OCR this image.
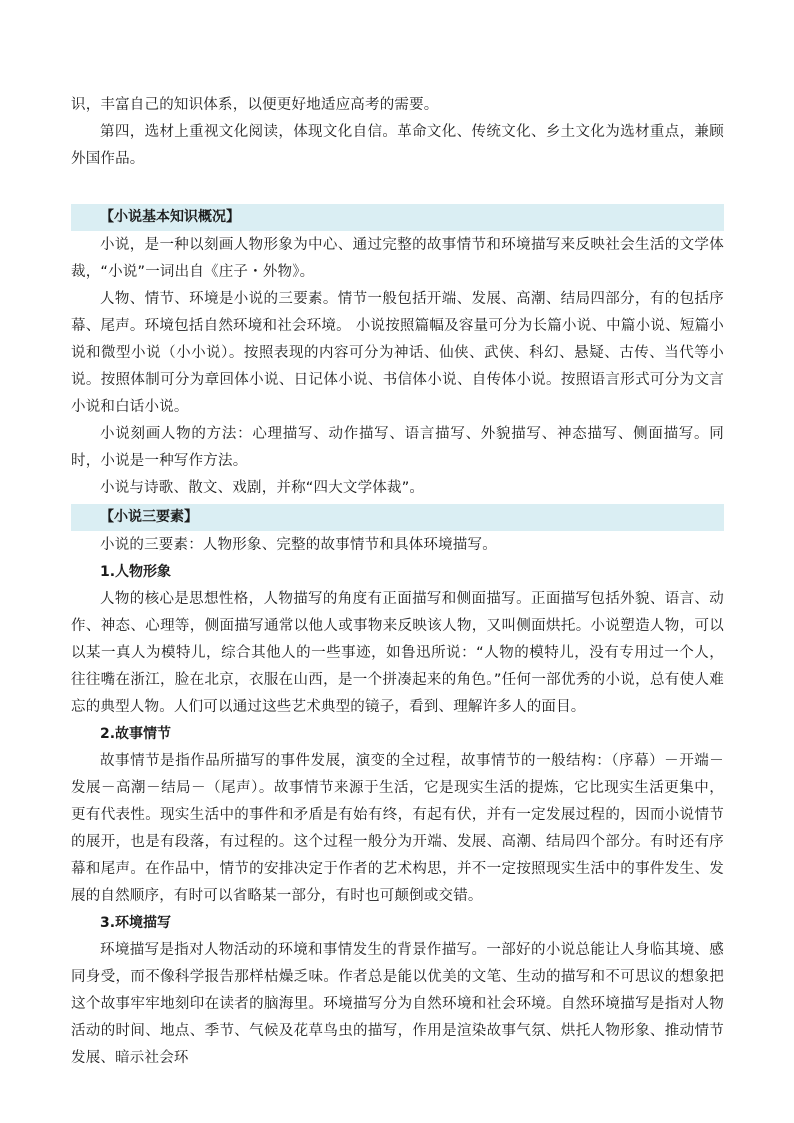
识，丰富自己的知识体系，以便更好地适应高考的需要。

第四，选材上重视文化阅读，体现文化自信。革命文化、传统文化、乡土文化为选材重点，兼顾外国作品。

【小说基本知识概况】

小说，是一种以刻画人物形象为中心、通过完整的故事情节和环境描写来反映社会生活的文学体裁，“小说”一词出自《庄子・外物》。

人物、情节、环境是小说的三要素。情节一般包括开端、发展、高潮、结局四部分，有的包括序幕、尾声。环境包括自然环境和社会环境。 小说按照篇幅及容量可分为长篇小说、中篇小说、短篇小说和微型小说（小小说）。按照表现的内容可分为神话、仙侠、武侠、科幻、悬疑、古传、当代等小说。按照体制可分为章回体小说、日记体小说、书信体小说、自传体小说。按照语言形式可分为文言小说和白话小说。

小说刻画人物的方法：心理描写、动作描写、语言描写、外貌描写、神态描写、侧面描写。同时，小说是一种写作方法。

小说与诗歌、散文、戏剧，并称“四大文学体裁”。

【小说三要素】

小说的三要素：人物形象、完整的故事情节和具体环境描写。

1.人物形象

人物的核心是思想性格，人物描写的角度有正面描写和侧面描写。正面描写包括外貌、语言、动作、神态、心理等，侧面描写通常以他人或事物来反映该人物，又叫侧面烘托。小说塑造人物，可以以某一真人为模特儿，综合其他人的一些事迹，如鲁迅所说：“人物的模特儿，没有专用过一个人，往往嘴在浙江，脸在北京，衣服在山西，是一个拼凑起来的角色。”任何一部优秀的小说，总有使人难忘的典型人物。人们可以通过这些艺术典型的镜子，看到、理解许多人的面目。

2.故事情节

故事情节是指作品所描写的事件发展，演变的全过程，故事情节的一般结构：（序幕）－开端－发展－高潮－结局－（尾声）。故事情节来源于生活，它是现实生活的提炼，它比现实生活更集中，更有代表性。现实生活中的事件和矛盾是有始有终，有起有伏，并有一定发展过程的，因而小说情节的展开，也是有段落，有过程的。这个过程一般分为开端、发展、高潮、结局四个部分。有时还有序幕和尾声。在作品中，情节的安排决定于作者的艺术构思，并不一定按照现实生活中的事件发生、发展的自然顺序，有时可以省略某一部分，有时也可颠倒或交错。

3.环境描写

环境描写是指对人物活动的环境和事情发生的背景作描写。一部好的小说总能让人身临其境、感同身受，而不像科学报告那样枯燥乏味。作者总是能以优美的文笔、生动的描写和不可思议的想象把这个故事牢牢地刻印在读者的脑海里。环境描写分为自然环境和社会环境。自然环境描写是指对人物活动的时间、地点、季节、气候及花草鸟虫的描写，作用是渲染故事气氛、烘托人物形象、推动情节发展、暗示社会环
